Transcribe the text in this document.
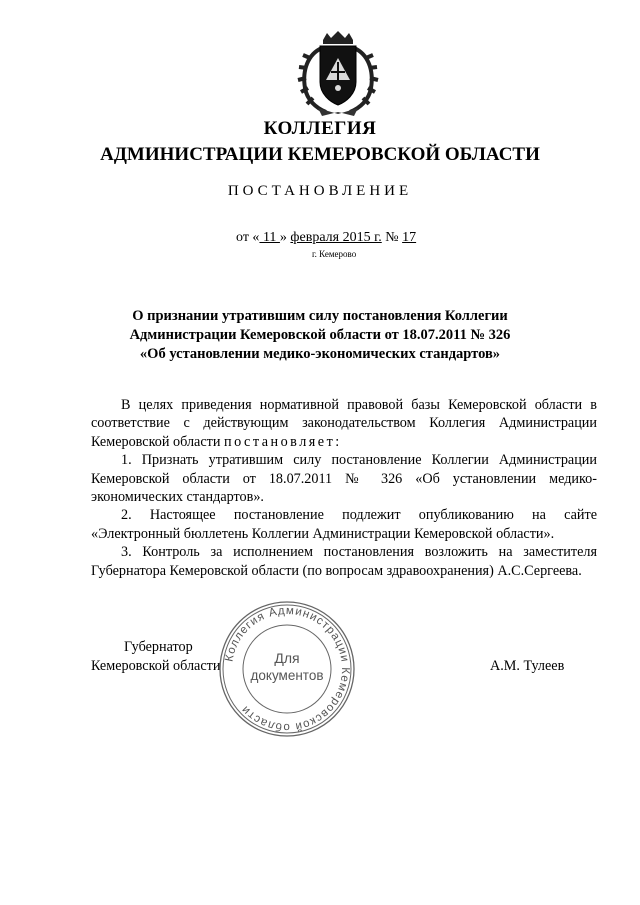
КОЛЛЕГИЯ
АДМИНИСТРАЦИИ КЕМЕРОВСКОЙ ОБЛАСТИ
ПОСТАНОВЛЕНИЕ
от « 11 » февраля 2015 г. № 17
г. Кемерово
О признании утратившим силу постановления Коллегии
Администрации Кемеровской области от 18.07.2011 № 326
«Об установлении медико-экономических стандартов»

В целях приведения нормативной правовой базы Кемеровской области в соответствие с действующим законодательством Коллегия Администрации Кемеровской области постановляет:

1. Признать утратившим силу постановление Коллегии Администрации Кемеровской области от 18.07.2011 № 326 «Об установлении медико-экономических стандартов».

2. Настоящее постановление подлежит опубликованию на сайте «Электронный бюллетень Коллегии Администрации Кемеровской области».

3. Контроль за исполнением постановления возложить на заместителя Губернатора Кемеровской области (по вопросам здравоохранения) А.С.Сергеева.

Губернатор
Кемеровской области	А.М. Тулеев
Коллегия Администрации Кемеровской области
Для
документов
